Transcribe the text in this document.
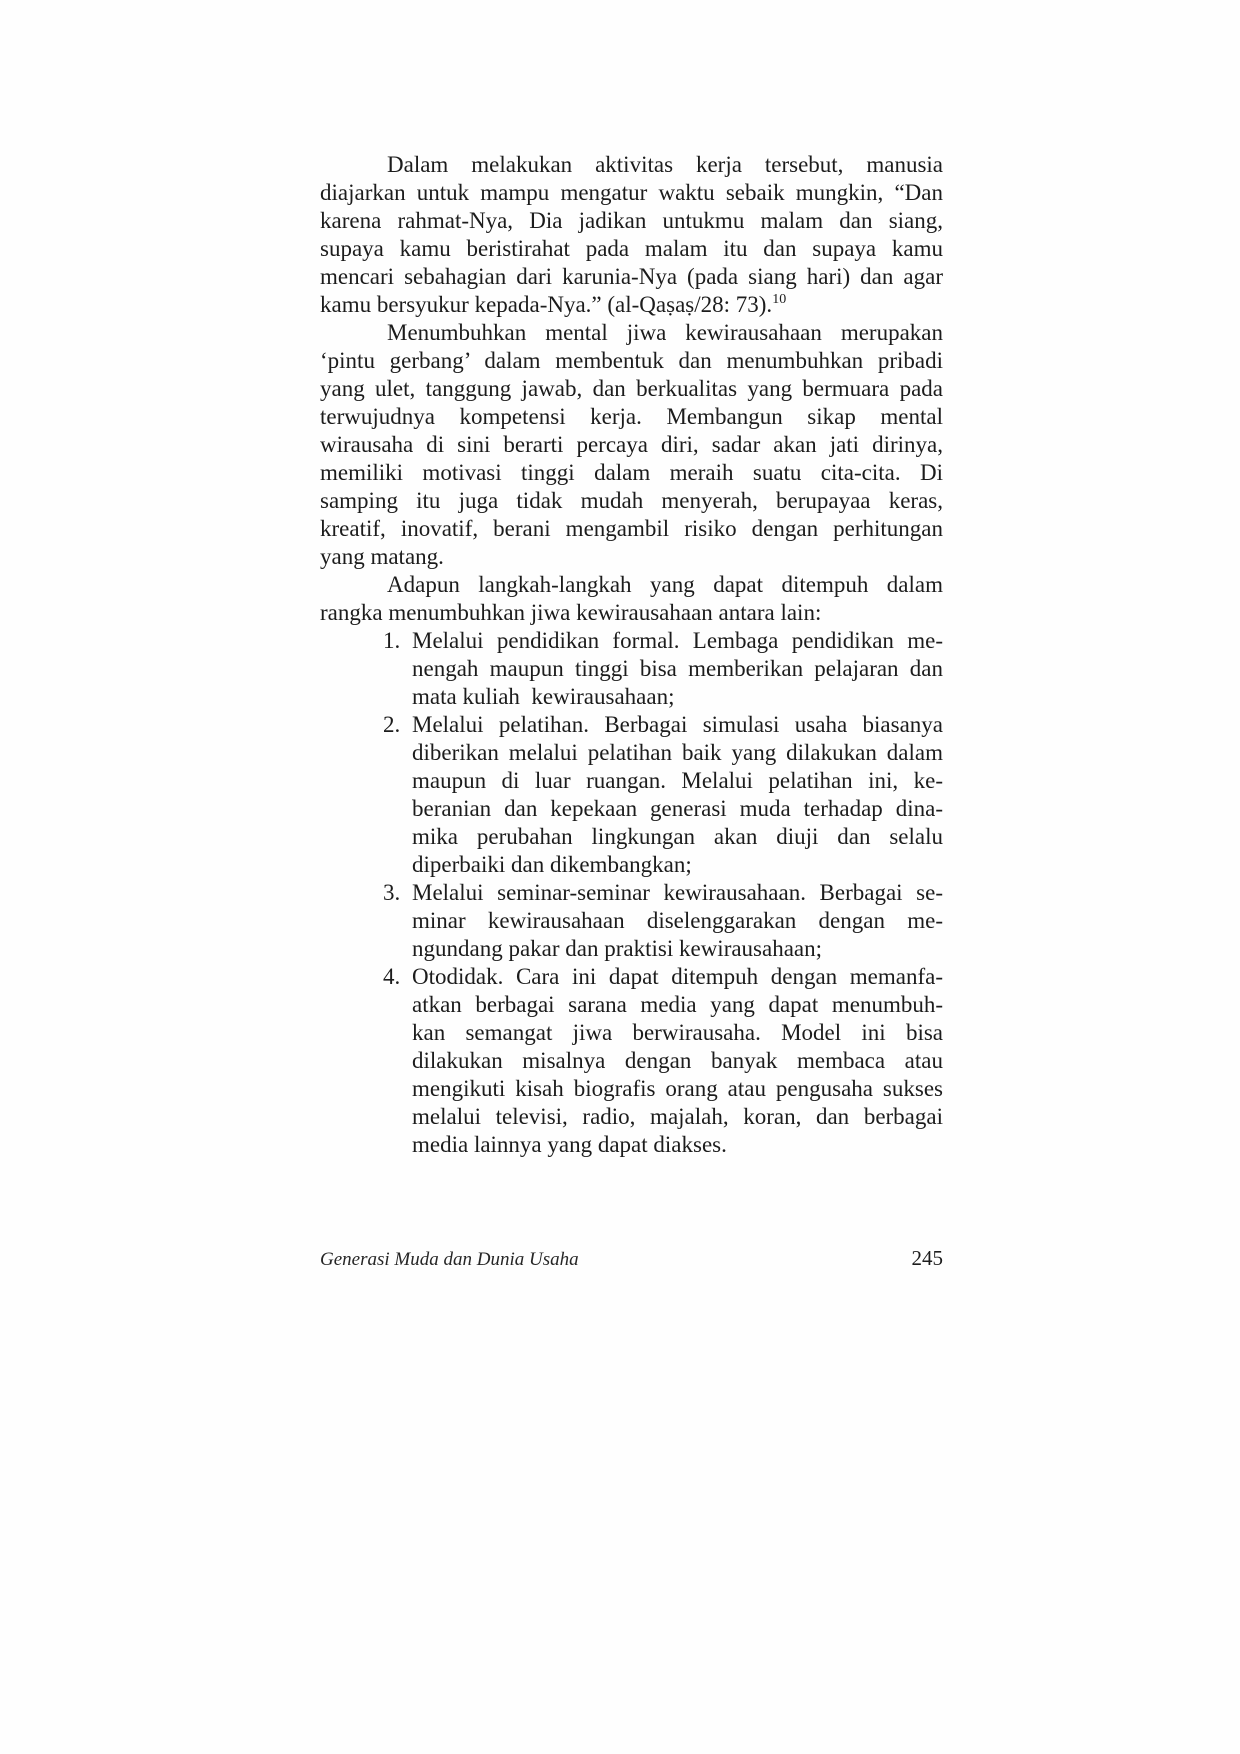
Dalam melakukan aktivitas kerja tersebut, manusia
diajarkan untuk mampu mengatur waktu sebaik mungkin, “Dan
karena rahmat-Nya, Dia jadikan untukmu malam dan siang,
supaya kamu beristirahat pada malam itu dan supaya kamu
mencari sebahagian dari karunia-Nya (pada siang hari) dan agar
kamu bersyukur kepada-Nya.” (al-Qaṣaṣ/28: 73).$^{10}$
Menumbuhkan mental jiwa kewirausahaan merupakan
‘pintu gerbang’ dalam membentuk dan menumbuhkan pribadi
yang ulet, tanggung jawab, dan berkualitas yang bermuara pada
terwujudnya kompetensi kerja. Membangun sikap mental
wirausaha di sini berarti percaya diri, sadar akan jati dirinya,
memiliki motivasi tinggi dalam meraih suatu cita-cita. Di
samping itu juga tidak mudah menyerah, berupayaa keras,
kreatif, inovatif, berani mengambil risiko dengan perhitungan
yang matang.
Adapun langkah-langkah yang dapat ditempuh dalam
rangka menumbuhkan jiwa kewirausahaan antara lain:
1. Melalui pendidikan formal. Lembaga pendidikan me-
nengah maupun tinggi bisa memberikan pelajaran dan
mata kuliah  kewirausahaan;
2. Melalui pelatihan. Berbagai simulasi usaha biasanya
diberikan melalui pelatihan baik yang dilakukan dalam
maupun di luar ruangan. Melalui pelatihan ini, ke-
beranian dan kepekaan generasi muda terhadap dina-
mika perubahan lingkungan akan diuji dan selalu
diperbaiki dan dikembangkan;
3. Melalui seminar-seminar kewirausahaan. Berbagai se-
minar kewirausahaan diselenggarakan dengan me-
ngundang pakar dan praktisi kewirausahaan;
4. Otodidak. Cara ini dapat ditempuh dengan memanfa-
atkan berbagai sarana media yang dapat menumbuh-
kan semangat jiwa berwirausaha. Model ini bisa
dilakukan misalnya dengan banyak membaca atau
mengikuti kisah biografis orang atau pengusaha sukses
melalui televisi, radio, majalah, koran, dan berbagai
media lainnya yang dapat diakses.
Generasi Muda dan Dunia Usaha	245
